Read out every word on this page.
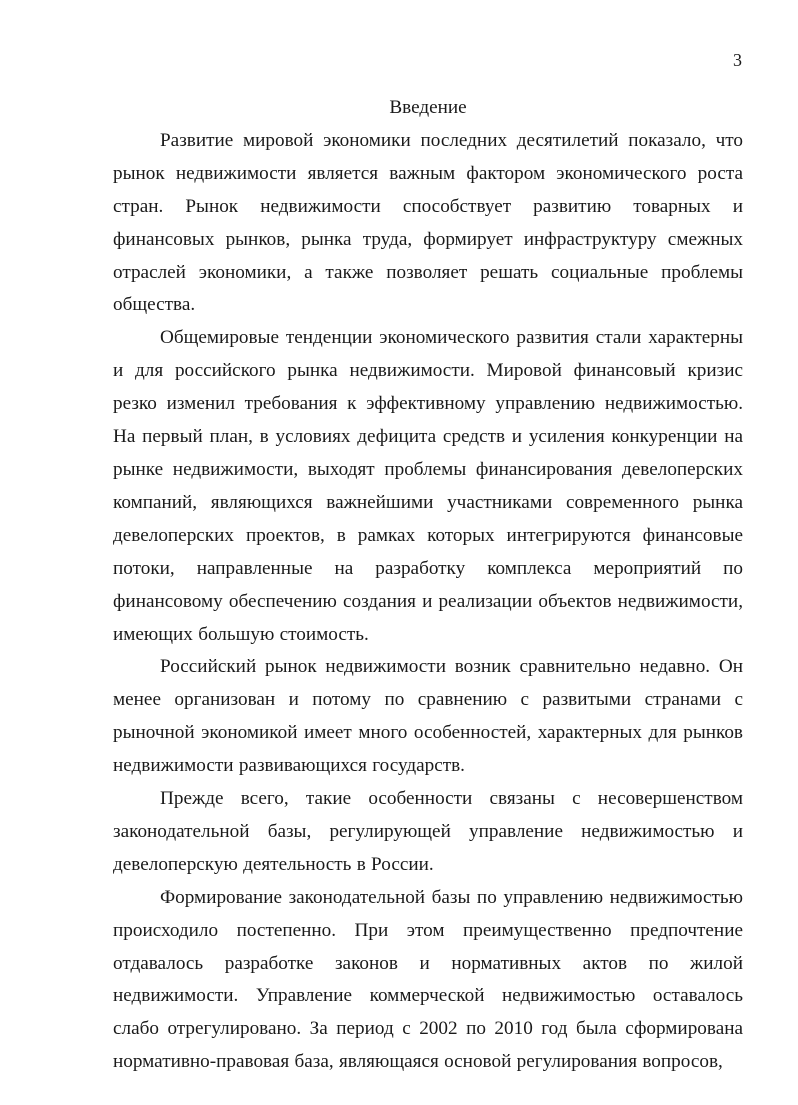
3
Введение

Развитие мировой экономики последних десятилетий показало, что рынок недвижимости является важным фактором экономического роста стран. Рынок недвижимости способствует развитию товарных и финансовых рынков, рынка труда, формирует инфраструктуру смежных отраслей экономики, а также позволяет решать социальные проблемы общества.

Общемировые тенденции экономического развития стали характерны и для российского рынка недвижимости. Мировой финансовый кризис резко изменил требования к эффективному управлению недвижимостью. На первый план, в условиях дефицита средств и усиления конкуренции на рынке недвижимости, выходят проблемы финансирования девелоперских компаний, являющихся важнейшими участниками современного рынка девелоперских проектов, в рамках которых интегрируются финансовые потоки, направленные на разработку комплекса мероприятий по финансовому обеспечению создания и реализации объектов недвижимости, имеющих большую стоимость.

Российский рынок недвижимости возник сравнительно недавно. Он менее организован и потому по сравнению с развитыми странами с рыночной экономикой имеет много особенностей, характерных для рынков недвижимости развивающихся государств.

Прежде всего, такие особенности связаны с несовершенством законодательной базы, регулирующей управление недвижимостью и девелоперскую деятельность в России.

Формирование законодательной базы по управлению недвижимостью происходило постепенно. При этом преимущественно предпочтение отдавалось разработке законов и нормативных актов по жилой недвижимости. Управление коммерческой недвижимостью оставалось слабо отрегулировано. За период с 2002 по 2010 год была сформирована нормативно-правовая база, являющаяся основой регулирования вопросов,
